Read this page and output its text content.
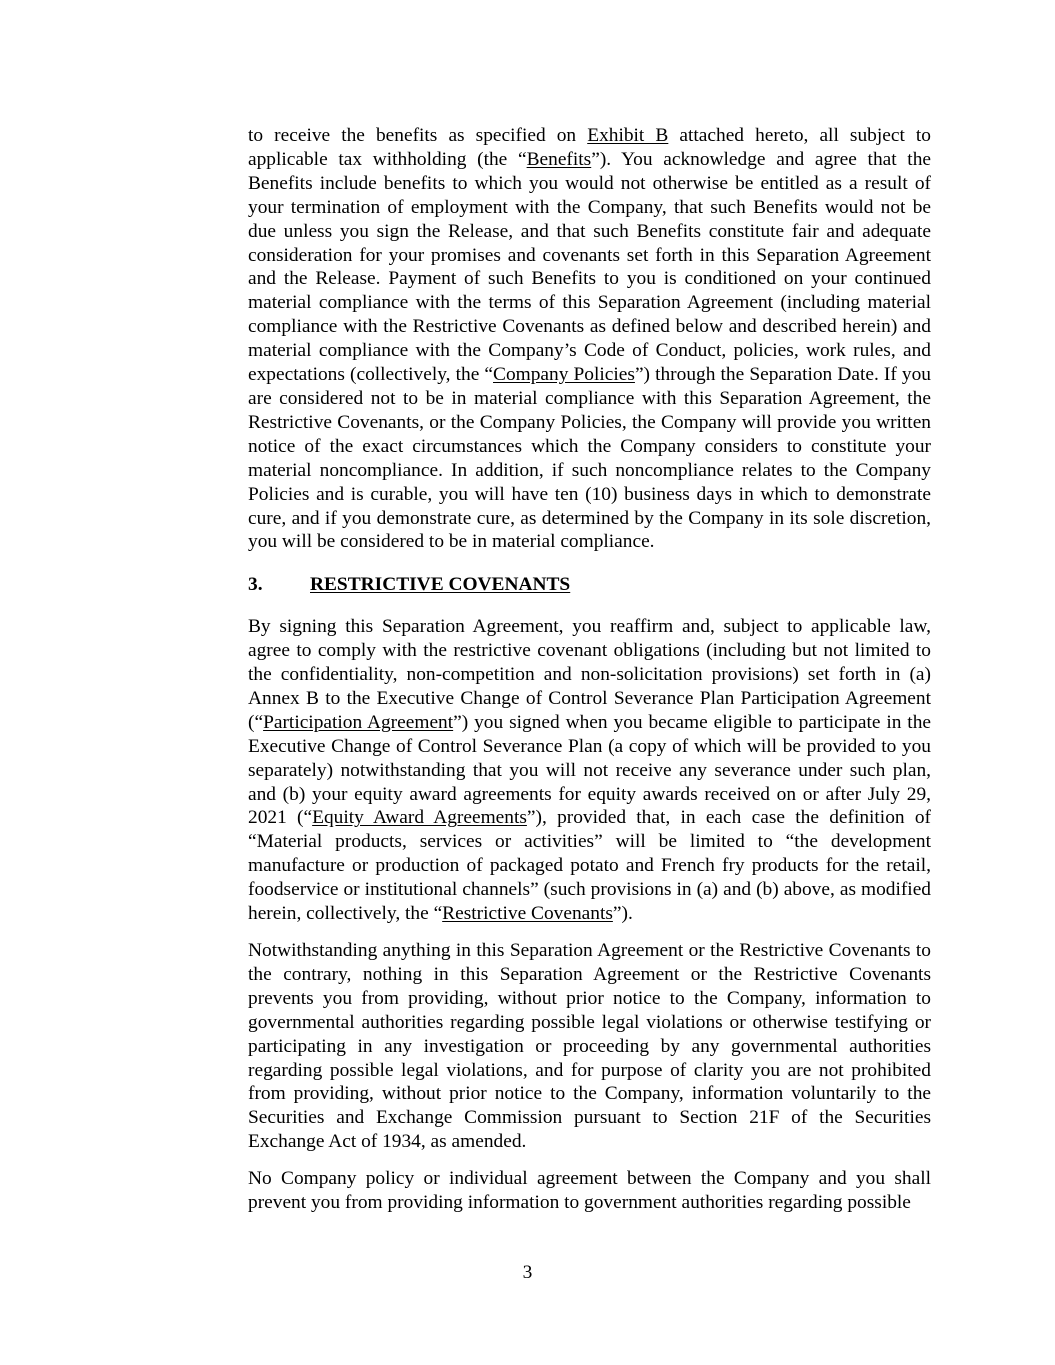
to receive the benefits as specified on Exhibit B attached hereto, all subject to applicable tax withholding (the “Benefits”). You acknowledge and agree that the Benefits include benefits to which you would not otherwise be entitled as a result of your termination of employment with the Company, that such Benefits would not be due unless you sign the Release, and that such Benefits constitute fair and adequate consideration for your promises and covenants set forth in this Separation Agreement and the Release. Payment of such Benefits to you is conditioned on your continued material compliance with the terms of this Separation Agreement (including material compliance with the Restrictive Covenants as defined below and described herein) and material compliance with the Company’s Code of Conduct, policies, work rules, and expectations (collectively, the “Company Policies”) through the Separation Date. If you are considered not to be in material compliance with this Separation Agreement, the Restrictive Covenants, or the Company Policies, the Company will provide you written notice of the exact circumstances which the Company considers to constitute your material noncompliance. In addition, if such noncompliance relates to the Company Policies and is curable, you will have ten (10) business days in which to demonstrate cure, and if you demonstrate cure, as determined by the Company in its sole discretion, you will be considered to be in material compliance.

3.	RESTRICTIVE COVENANTS

By signing this Separation Agreement, you reaffirm and, subject to applicable law, agree to comply with the restrictive covenant obligations (including but not limited to the confidentiality, non-competition and non-solicitation provisions) set forth in (a) Annex B to the Executive Change of Control Severance Plan Participation Agreement (“Participation Agreement”) you signed when you became eligible to participate in the Executive Change of Control Severance Plan (a copy of which will be provided to you separately) notwithstanding that you will not receive any severance under such plan, and (b) your equity award agreements for equity awards received on or after July 29, 2021 (“Equity Award Agreements”), provided that, in each case the definition of “Material products, services or activities” will be limited to “the development manufacture or production of packaged potato and French fry products for the retail, foodservice or institutional channels” (such provisions in (a) and (b) above, as modified herein, collectively, the “Restrictive Covenants”).

Notwithstanding anything in this Separation Agreement or the Restrictive Covenants to the contrary, nothing in this Separation Agreement or the Restrictive Covenants prevents you from providing, without prior notice to the Company, information to governmental authorities regarding possible legal violations or otherwise testifying or participating in any investigation or proceeding by any governmental authorities regarding possible legal violations, and for purpose of clarity you are not prohibited from providing, without prior notice to the Company, information voluntarily to the Securities and Exchange Commission pursuant to Section 21F of the Securities Exchange Act of 1934, as amended.

No Company policy or individual agreement between the Company and you shall prevent you from providing information to government authorities regarding possible

3
